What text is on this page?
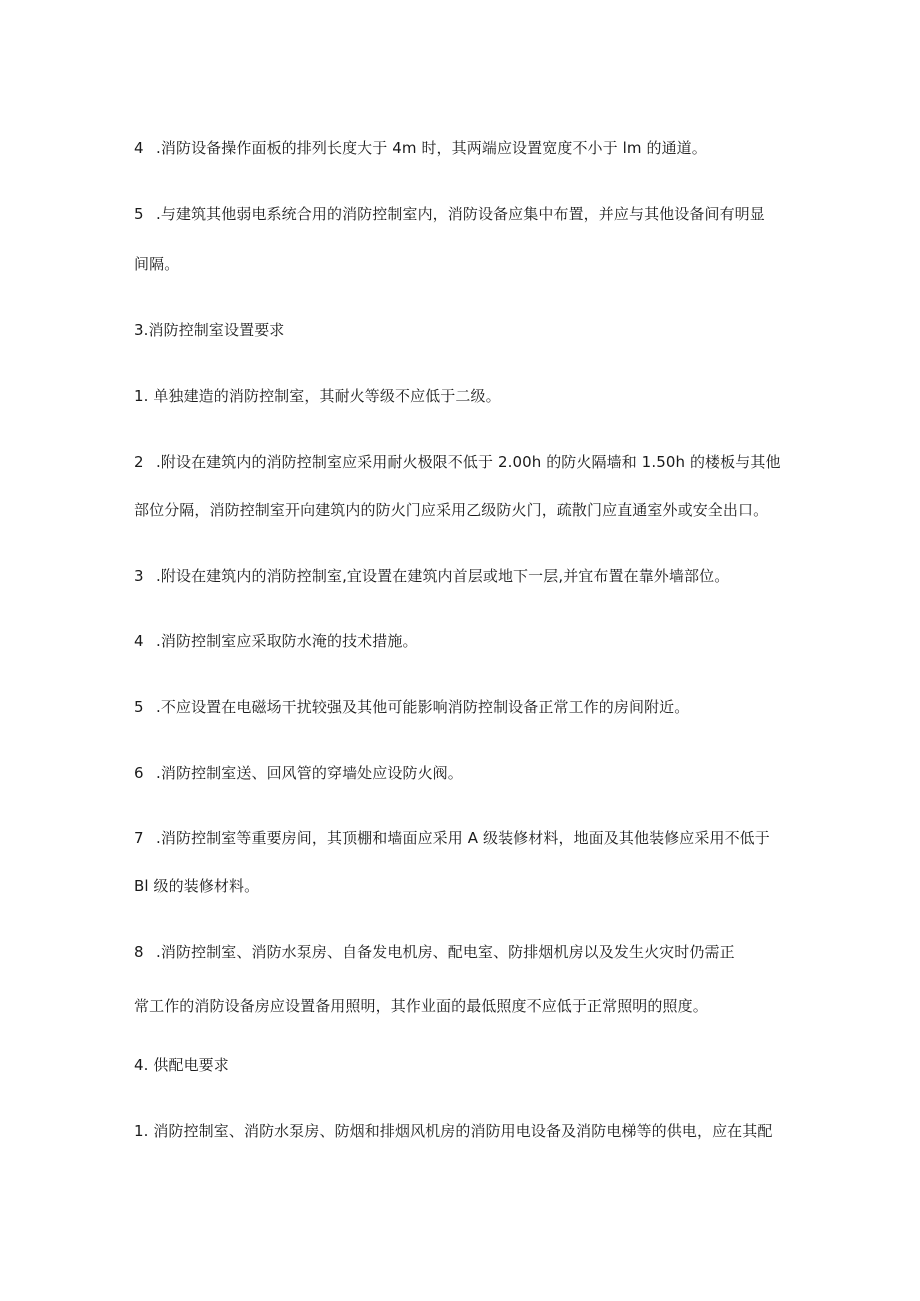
4 .消防设备操作面板的排列长度大于 4m 时，其两端应设置宽度不小于 lm 的通道。
5 .与建筑其他弱电系统合用的消防控制室内，消防设备应集中布置，并应与其他设备间有明显
间隔。
3.消防控制室设置要求
1. 单独建造的消防控制室，其耐火等级不应低于二级。
2 .附设在建筑内的消防控制室应采用耐火极限不低于 2.00h 的防火隔墙和 1.50h 的楼板与其他
部位分隔，消防控制室开向建筑内的防火门应采用乙级防火门，疏散门应直通室外或安全出口。
3 .附设在建筑内的消防控制室,宜设置在建筑内首层或地下一层,并宜布置在靠外墙部位。
4 .消防控制室应采取防水淹的技术措施。
5 .不应设置在电磁场干扰较强及其他可能影响消防控制设备正常工作的房间附近。
6 .消防控制室送、回风管的穿墙处应设防火阀。
7 .消防控制室等重要房间，其顶棚和墙面应采用 A 级装修材料，地面及其他装修应采用不低于
Bl 级的装修材料。
8 .消防控制室、消防水泵房、自备发电机房、配电室、防排烟机房以及发生火灾时仍需正
常工作的消防设备房应设置备用照明，其作业面的最低照度不应低于正常照明的照度。
4. 供配电要求
1. 消防控制室、消防水泵房、防烟和排烟风机房的消防用电设备及消防电梯等的供电，应在其配
